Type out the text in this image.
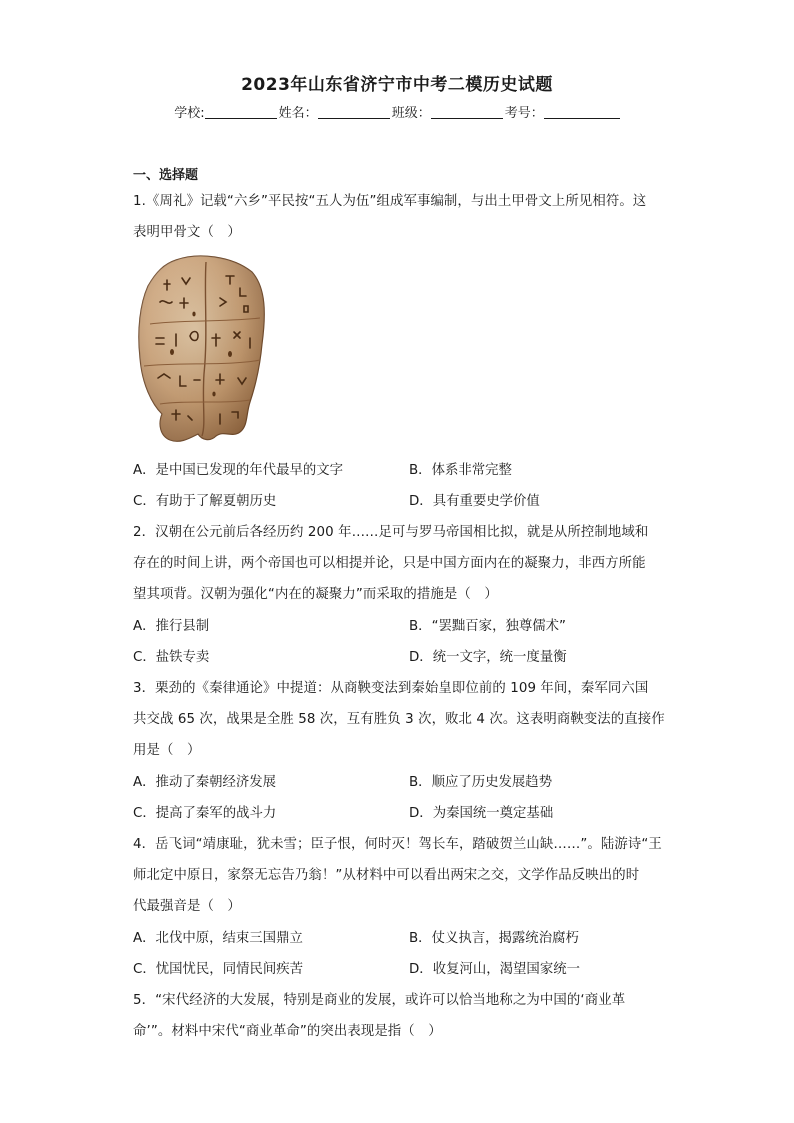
2023年山东省济宁市中考二模历史试题
学校:	姓名：	班级：	考号：
一、选择题
1.《周礼》记载“六乡”平民按“五人为伍”组成军事编制，与出土甲骨文上所见相符。这
表明甲骨文（　）
A．是中国已发现的年代最早的文字	B．体系非常完整
C．有助于了解夏朝历史	D．具有重要史学价值
2．汉朝在公元前后各经历约 200 年……足可与罗马帝国相比拟，就是从所控制地域和
存在的时间上讲，两个帝国也可以相提并论，只是中国方面内在的凝聚力，非西方所能
望其项背。汉朝为强化“内在的凝聚力”而采取的措施是（　）
A．推行县制	B．“罢黜百家，独尊儒术”
C．盐铁专卖	D．统一文字，统一度量衡
3．栗劲的《秦律通论》中提道：从商鞅变法到秦始皇即位前的 109 年间，秦军同六国
共交战 65 次，战果是全胜 58 次，互有胜负 3 次，败北 4 次。这表明商鞅变法的直接作
用是（　）
A．推动了秦朝经济发展	B．顺应了历史发展趋势
C．提高了秦军的战斗力	D．为秦国统一奠定基础
4．岳飞词“靖康耻，犹未雪；臣子恨，何时灭！驾长车，踏破贺兰山缺……”。陆游诗“王
师北定中原日，家祭无忘告乃翁！”从材料中可以看出两宋之交，文学作品反映出的时
代最强音是（　）
A．北伐中原，结束三国鼎立	B．仗义执言，揭露统治腐朽
C．忧国忧民，同情民间疾苦	D．收复河山，渴望国家统一
5．“宋代经济的大发展，特别是商业的发展，或许可以恰当地称之为中国的‘商业革
命’”。材料中宋代“商业革命”的突出表现是指（　）
